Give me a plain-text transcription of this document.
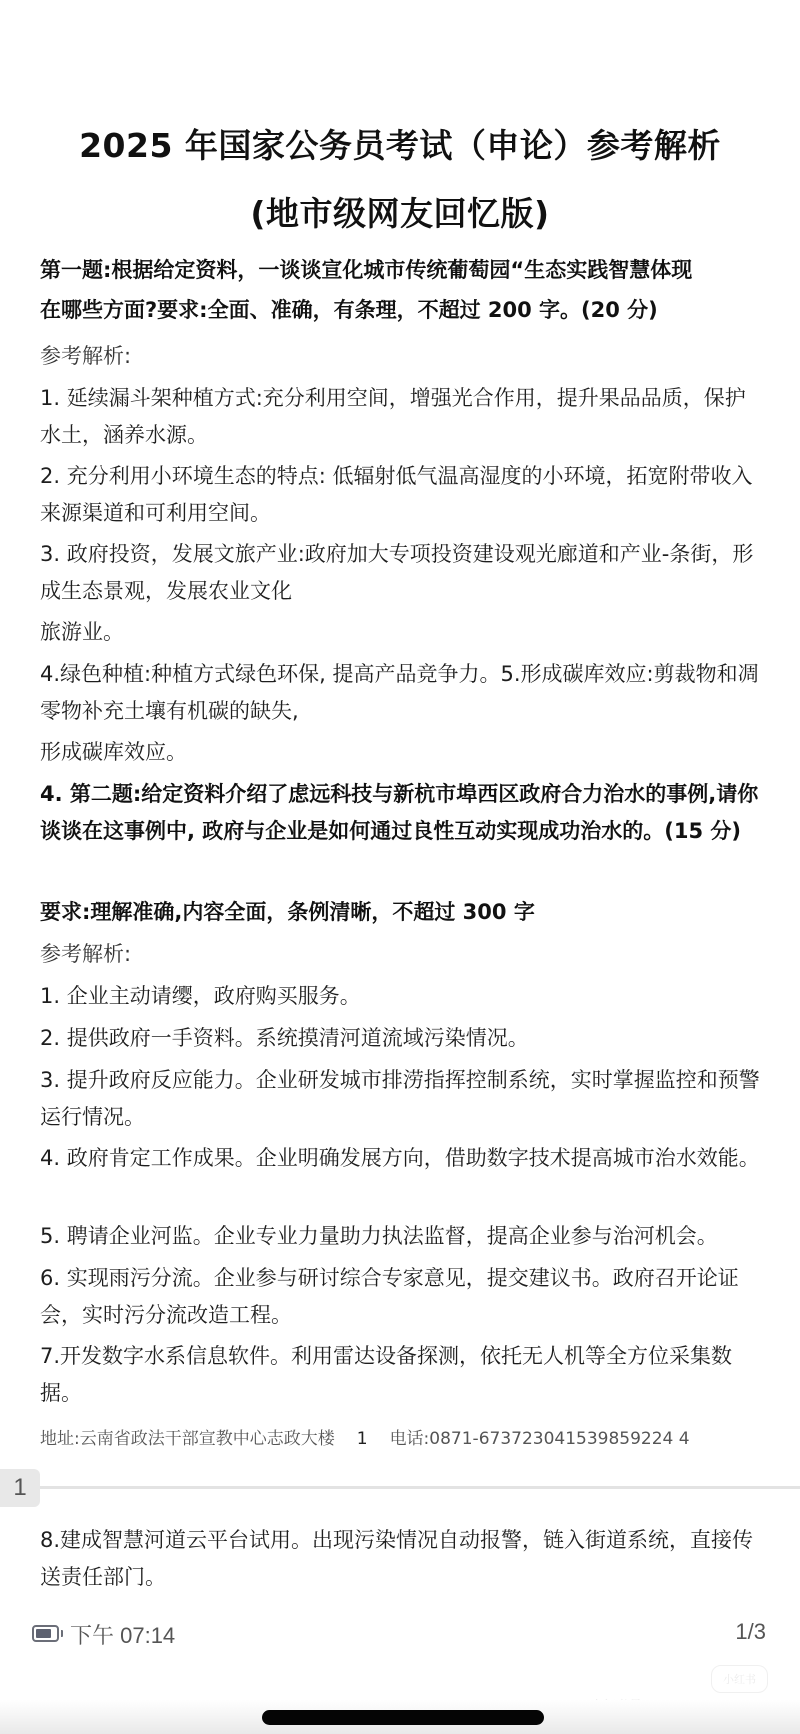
2025 年国家公务员考试（申论）参考解析
(地市级网友回忆版)
第一题:根据给定资料，一谈谈宣化城市传统葡萄园“生态实践智慧体现
在哪些方面?要求:全面、准确，有条理，不超过 200 字。(20 分)
参考解析:
1. 延续漏斗架种植方式:充分利用空间，增强光合作用，提升果品品质，保护水土，涵养水源。
2. 充分利用小环境生态的特点: 低辐射低气温高湿度的小环境，拓宽附带收入来源渠道和可利用空间。
3. 政府投资，发展文旅产业:政府加大专项投资建设观光廊道和产业-条街，形成生态景观，发展农业文化
旅游业。
4.绿色种植:种植方式绿色环保, 提高产品竞争力。5.形成碳库效应:剪裁物和凋零物补充土壤有机碳的缺失,
形成碳库效应。
4. 第二题:给定资料介绍了虑远科技与新杭市埠西区政府合力治水的事例,请你谈谈在这事例中, 政府与企业是如何通过良性互动实现成功治水的。(15 分)
要求:理解准确,内容全面，条例清晰，不超过 300 字
参考解析:
1. 企业主动请缨，政府购买服务。
2. 提供政府一手资料。系统摸清河道流域污染情况。
3. 提升政府反应能力。企业研发城市排涝指挥控制系统，实时掌握监控和预警运行情况。
4. 政府肯定工作成果。企业明确发展方向，借助数字技术提高城市治水效能。
5. 聘请企业河监。企业专业力量助力执法监督，提高企业参与治河机会。
6. 实现雨污分流。企业参与研讨综合专家意见，提交建议书。政府召开论证会，实时污分流改造工程。
7.开发数字水系信息软件。利用雷达设备探测，依托无人机等全方位采集数据。
地址:云南省政法干部宣教中心志政大楼 1 电话:0871-673723041539859224 4
1
8.建成智慧河道云平台试用。出现污染情况自动报警，链入街道系统，直接传送责任部门。
下午 07:14	1/3
小红书
